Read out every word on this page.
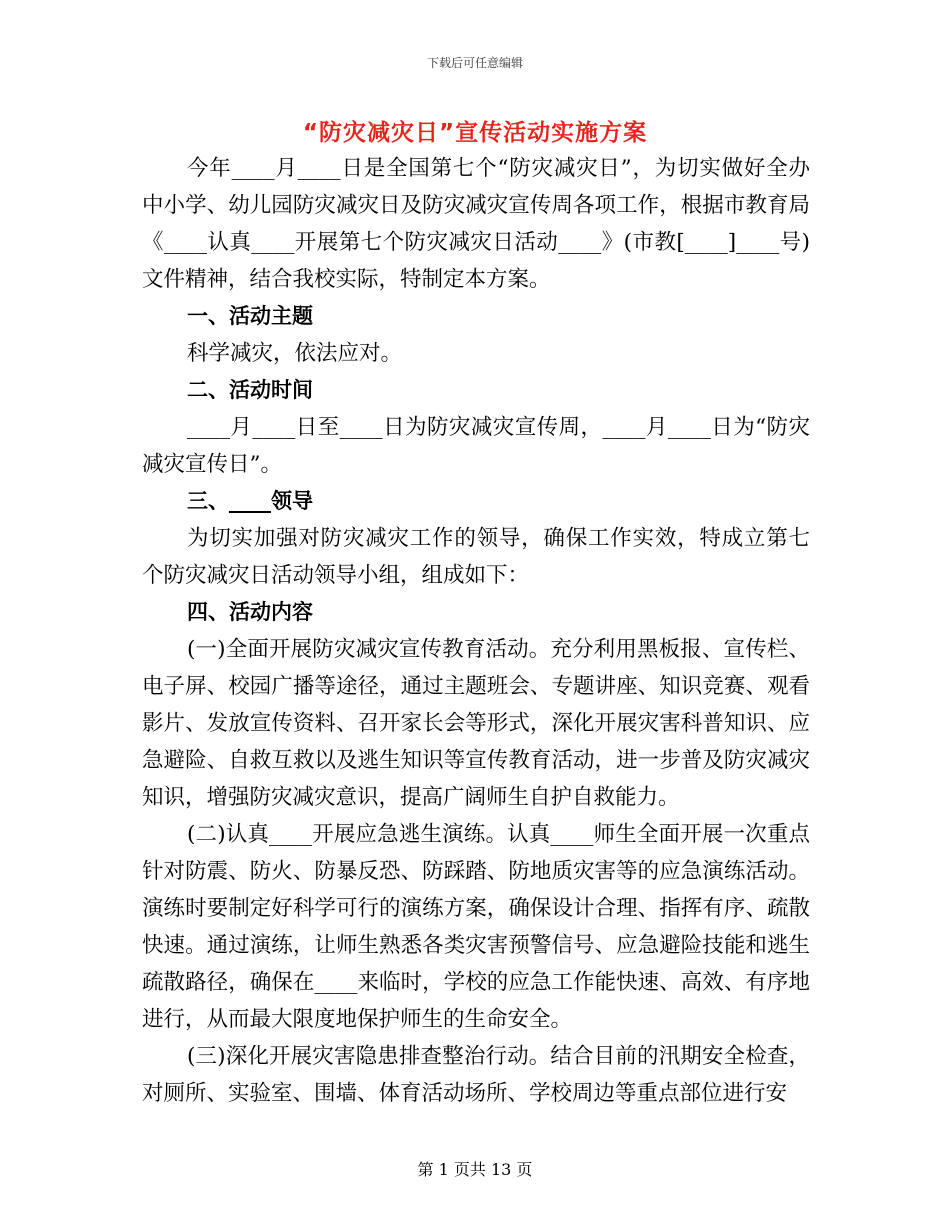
下载后可任意编辑
“防灾减灾日”宣传活动实施方案

今年____月____日是全国第七个“防灾减灾日”，为切实做好全办中小学、幼儿园防灾减灾日及防灾减灾宣传周各项工作，根据市教育局《____认真____开展第七个防灾减灾日活动____》(市教[____]____号)文件精神，结合我校实际，特制定本方案。

一、活动主题

科学减灾，依法应对。

二、活动时间

____月____日至____日为防灾减灾宣传周，____月____日为“防灾减灾宣传日”。

三、____领导

为切实加强对防灾减灾工作的领导，确保工作实效，特成立第七个防灾减灾日活动领导小组，组成如下：

四、活动内容

(一)全面开展防灾减灾宣传教育活动。充分利用黑板报、宣传栏、电子屏、校园广播等途径，通过主题班会、专题讲座、知识竞赛、观看影片、发放宣传资料、召开家长会等形式，深化开展灾害科普知识、应急避险、自救互救以及逃生知识等宣传教育活动，进一步普及防灾减灾知识，增强防灾减灾意识，提高广阔师生自护自救能力。

(二)认真____开展应急逃生演练。认真____师生全面开展一次重点针对防震、防火、防暴反恐、防踩踏、防地质灾害等的应急演练活动。演练时要制定好科学可行的演练方案，确保设计合理、指挥有序、疏散快速。通过演练，让师生熟悉各类灾害预警信号、应急避险技能和逃生疏散路径，确保在____来临时，学校的应急工作能快速、高效、有序地进行，从而最大限度地保护师生的生命安全。

(三)深化开展灾害隐患排查整治行动。结合目前的汛期安全检查，对厕所、实验室、围墙、体育活动场所、学校周边等重点部位进行安

第 1 页共 13 页
